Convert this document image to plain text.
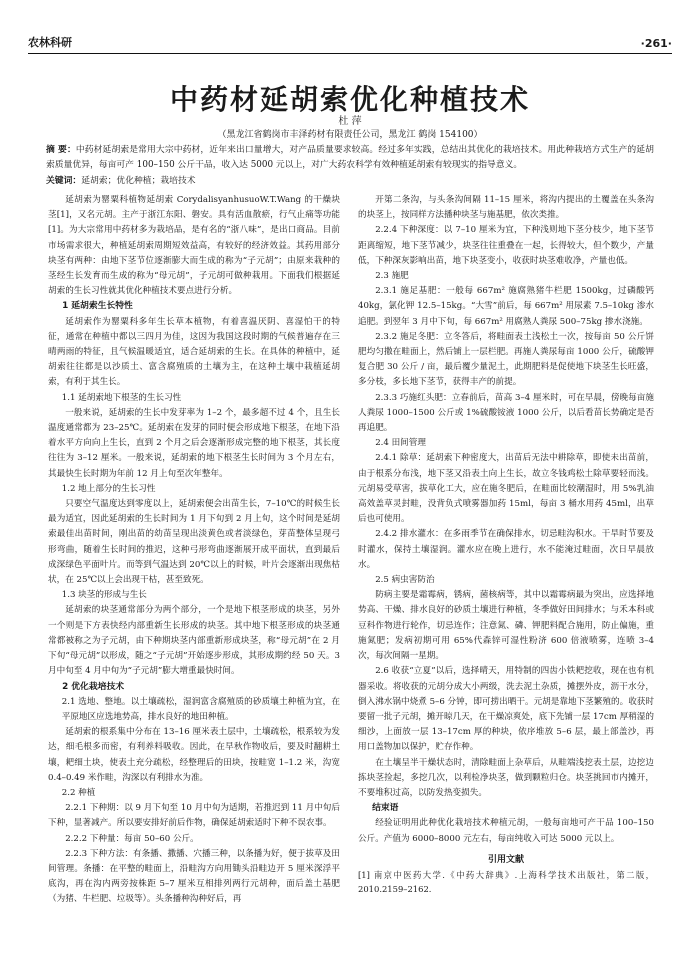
农林科研	·261·
中药材延胡索优化种植技术
杜 萍
（黑龙江省鹤岗市丰泽药材有限责任公司，黑龙江 鹤岗 154100）
摘 要：中药材延胡索是常用大宗中药材，近年来出口量增大，对产品质量要求较高。经过多年实践，总结出其优化的栽培技术。用此种栽培方式生产的延胡索质量优异，每亩可产 100–150 公斤干品，收入达 5000 元以上，对广大药农科学有效种植延胡索有较现实的指导意义。
关键词：延胡索；优化种植；栽培技术

延胡索为罂粟科植物延胡索 CorydalisyanhusuoW.T.Wang 的干燥块茎[1]，又名元胡。主产于浙江东阳、磐安。具有活血散瘀，行气止痛等功能[1]。为大宗常用中药材多为栽培品，是有名的“浙八味”，是出口商品。目前市场需求很大，种植延胡索周期短效益高，有较好的经济效益。其药用部分块茎有两种：由地下茎节位逐渐膨大而生成的称为“子元胡”；由原来栽种的茎经生长发育而生成的称为“母元胡”，子元胡可做种栽用。下面我们根据延胡索的生长习性就其优化种植技术要点进行分析。

1 延胡索生长特性

延胡索作为罂粟科多年生长草本植物，有着喜温厌阴、喜湿怕干的特征，通常在种植中都以三四月为佳，这因为我国这段时期的气候普遍存在三晴两雨的特征，且气候温暖适宜，适合延胡索的生长。在具体的种植中，延胡索往往都是以沙质土、富含腐殖质的土壤为主，在这种土壤中栽植延胡索，有利于其生长。

1.1 延胡索地下根茎的生长习性

一般来说，延胡索的生长中发芽率为 1–2 个，最多超不过 4 个，且生长温度通常都为 23–25℃。延胡索在发芽的同时便会形成地下根茎，在地下沿着水平方向向上生长，直到 2 个月之后会逐渐形成完整的地下根茎，其长度往往为 3–12 厘米。一般来说，延胡索的地下根茎生长时间为 3 个月左右，其最快生长时期为年前 12 月上旬至次年整年。

1.2 地上部分的生长习性

只要空气温度达到零度以上，延胡索便会出苗生长，7–10℃的时候生长最为适宜，因此延胡索的生长时间为 1 月下旬到 2 月上旬，这个时间是延胡索最佳出苗时间，刚出苗的幼苗呈现出淡黄色或者淡绿色，芽苗整体呈现弓形弯曲，随着生长时间的推迟，这种弓形弯曲逐渐展开成平面状，直到最后成深绿色平面叶片。而等到气温达到 20℃以上的时候，叶片会逐渐出现焦枯状，在 25℃以上会出现干枯，甚至致死。

1.3 块茎的形成与生长

延胡索的块茎通常部分为两个部分，一个是地下根茎形成的块茎，另外一个则是下方表快经内部重新生长形成的块茎。其中地下根茎形成的块茎通常都被称之为子元胡，由下种期块茎内部重新形成块茎，称“母元胡”在 2 月下旬“母元胡”以形成，随之“子元胡”开始逐步形成，其形成期约经 50 天。3 月中旬至 4 月中旬为“子元胡”膨大增重最快时间。

2 优化栽培技术
2.1 选地、整地。以土壤疏松，湿润富含腐殖质的砂质壤土种植为宜，在平原地区应选地势高，排水良好的地田种植。

延胡索的根系集中分布在 13–16 厘米表土层中，土壤疏松，根系较为发达，细毛根多而密，有利养料吸收。因此，在早秋作物收后，要及时翻耕土壤，耙细土块，使表土充分疏松，经整理后的田块，按畦宽 1–1.2 米，沟宽 0.4–0.49 米作畦，沟深以有利排水为准。

2.2 种植

2.2.1 下种期：以 9 月下旬至 10 月中旬为适期，若推迟到 11 月中旬后下种，显著减产。所以要安排好前后作物，确保延胡索适时下种不误农事。

2.2.2 下种量：每亩 50–60 公斤。

2.2.3 下种方法：有条播、撒播、穴播三种，以条播为好，便于拔草及田间管理。条播：在平整的畦面上，沿畦沟方向用锄头沿畦边开 5 厘米深浮平底沟，再在沟内两旁按株距 5–7 厘米互相排列两行元胡种，面后盖土基肥（为猪、牛栏肥、垃圾等）。头条播种沟种好后，再

开第二条沟，与头条沟间隔 11–15 厘米，将沟内提出的土覆盖在头条沟的块茎上，按同样方法播种块茎与施基肥，依次类推。

2.2.4 下种深度：以 7–10 厘米为宜，下种浅则地下茎分枝少，地下茎节距离缩短，地下茎节减少，块茎往往重叠在一起，长得较大，但个数少，产量低，下种深灰影响出苗，地下块茎变小，收获时块茎难收净，产量也低。

2.3 施肥

2.3.1 施足基肥：一般每 667m² 施腐熟猪牛栏肥 1500kg，过磷酸钙 40kg，氯化钾 12.5–15kg。“大雪”前后，每 667m² 用尿素 7.5–10kg 渗水追肥。到翌年 3 月中下旬，每 667m² 用腐熟人粪尿 500–75kg 掺水浇施。

2.3.2 施足冬肥：立冬答后，将畦面表土浅松土一次，按每亩 50 公斤饼肥均匀撒在畦面上，然后铺上一层栏肥。再施人粪尿每亩 1000 公斤，硫酸钾复合肥 30 公斤 / 亩，最后覆少量泥土，此期肥料是促使地下块茎生长旺盛，多分枝，多长地下茎节，获得丰产的前提。

2.3.3 巧施红头肥：立春前后，苗高 3–4 厘米时，可在早晨，傍晚每亩施人粪尿 1000–1500 公斤或 1%硫酸铵液 1000 公斤，以后看苗长势确定是否再追肥。

2.4 田间管理

2.4.1 除草：延胡索下种密度大，出苗后无法中耕除草，即使未出苗前，由于根系分布浅，地下茎又沿表土向上生长，故立冬钱鸡松土除草要轻而浅。元胡易受草害，拔草化工大，应在施冬肥后，在畦面比较潮湿时，用 5%乳油高效盖草灵封畦，没背负式喷雾器加药 15ml，每亩 3 桶水用药 45ml，出草后也可使用。

2.4.2 排水灌水：在多雨季节在确保排水，切忌畦沟积水。干旱时节要及时灌水，保持土壤湿润。灌水应在晚上进行，水不能淹过畦面，次日早晨放水。

2.5 病虫害防治

防病主要是霜霉病，锈病，菌核病等，其中以霜霉病最为突出，应选择地势高、干燥、排水良好的砂质土壤进行种植，冬季做好田间排水；与禾本科或豆科作物进行轮作，切忌连作；注意氮、磷、钾肥料配合施用，防止偏施，重施氮肥；发病初期可用 65%代森锌可湿性粉济 600 倍液喷雾，连喷 3–4 次，每次间隔一星期。

2.6 收获“立夏”以后，选择晴天，用特制的四齿小铁耙挖收，现在也有机器采收。将收获的元胡分成大小两级，洗去泥土杂质，摊摆外皮，沥干水分，倒入沸水锅中烧煮 5–6 分钟，即可捞出晒干。元胡是靠地下茎繁殖的。收获时要留一批子元胡，摊开晾几天，在干燥凉爽处，底下先铺一层 17cm 厚稍湿的细沙，上面放一层 13–17cm 厚的种块，依序堆放 5–6 层，最上部盖沙，再用口盖物加以保护，贮存作种。

在土壤呈半干燥状态时，清除畦面上杂草后，从畦端浅挖表土层，边挖边拣块茎捡起，多挖几次，以利检净块茎，做到颗粒归仓。块茎挑回市内摊开，不要堆积过高，以防发热变损失。

结束语

经验证明用此种优化栽培技术种植元胡，一般每亩地可产干品 100–150 公斤。产值为 6000–8000 元左右，每亩纯收入可达 5000 元以上。

引用文献

[1] 南京中医药大学.《中药大辞典》.上海科学技术出版社，第二版，2010.2159–2162.
